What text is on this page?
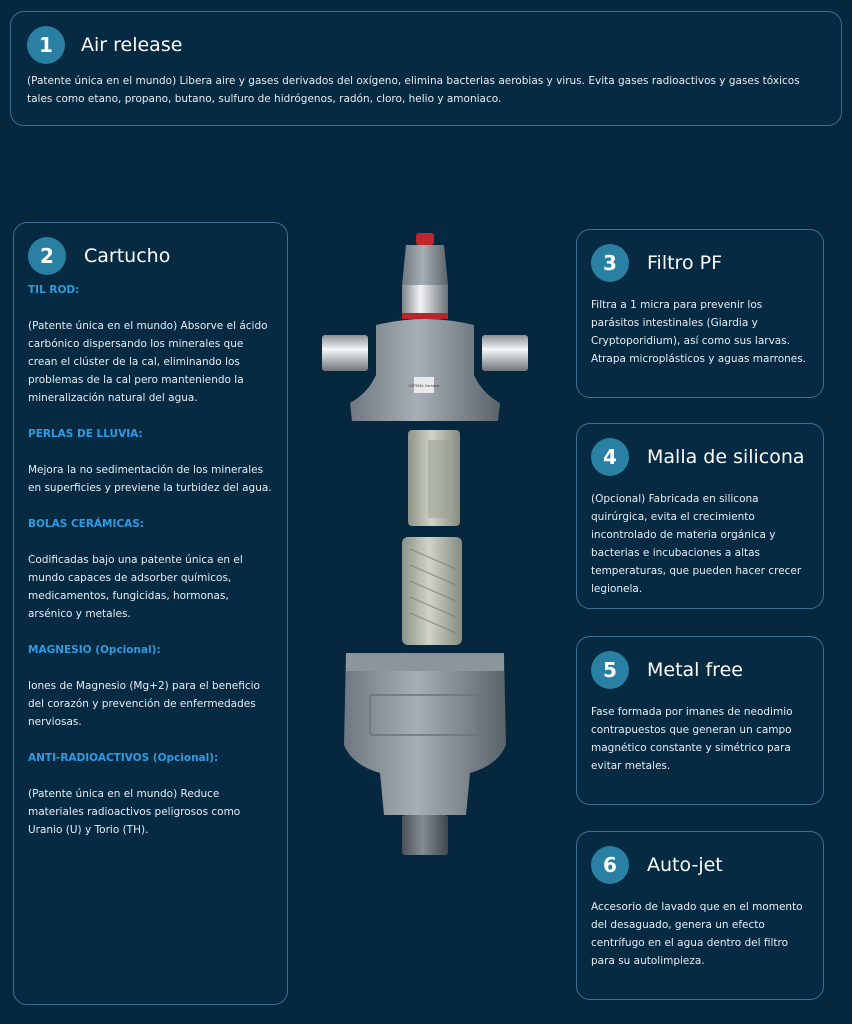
1	Air release
(Patente única en el mundo) Libera aire y gases derivados del oxígeno, elimina bacterias aerobias y virus. Evita gases radioactivos y gases tóxicos tales como etano, propano, butano, sulfuro de hidrógenos, radón, cloro, helio y amoniaco.
2	Cartucho

TIL ROD:

(Patente única en el mundo) Absorve el ácido carbónico dispersando los minerales que crean el clúster de la cal, eliminando los problemas de la cal pero manteniendo la mineralización natural del agua.

PERLAS DE LLUVIA:

Mejora la no sedimentación de los minerales en superficies y previene la turbidez del agua.

BOLAS CERÁMICAS:

Codificadas bajo una patente única en el mundo capaces de adsorber químicos, medicamentos, fungicidas, hormonas, arsénico y metales.

MAGNESIO (Opcional):

Iones de Magnesio (Mg+2) para el beneficio del corazón y prevención de enfermedades nerviosas.

ANTI-RADIOACTIVOS (Opcional):

(Patente única en el mundo) Reduce materiales radioactivos peligrosos como Uranio (U) y Torio (TH).

SISTEMA Osmosis
3	Filtro PF
Filtra a 1 micra para prevenir los parásitos intestinales (Giardia y Cryptoporidium), así como sus larvas. Atrapa microplásticos y aguas marrones.
4	Malla de silicona
(Opcional) Fabricada en silicona quirúrgica, evita el crecimiento incontrolado de materia orgánica y bacterias e incubaciones a altas temperaturas, que pueden hacer crecer legionela.
5	Metal free
Fase formada por imanes de neodimio contrapuestos que generan un campo magnético constante y simétrico para evitar metales.
6	Auto-jet
Accesorio de lavado que en el momento del desaguado, genera un efecto centrífugo en el agua dentro del filtro para su autolimpieza.
